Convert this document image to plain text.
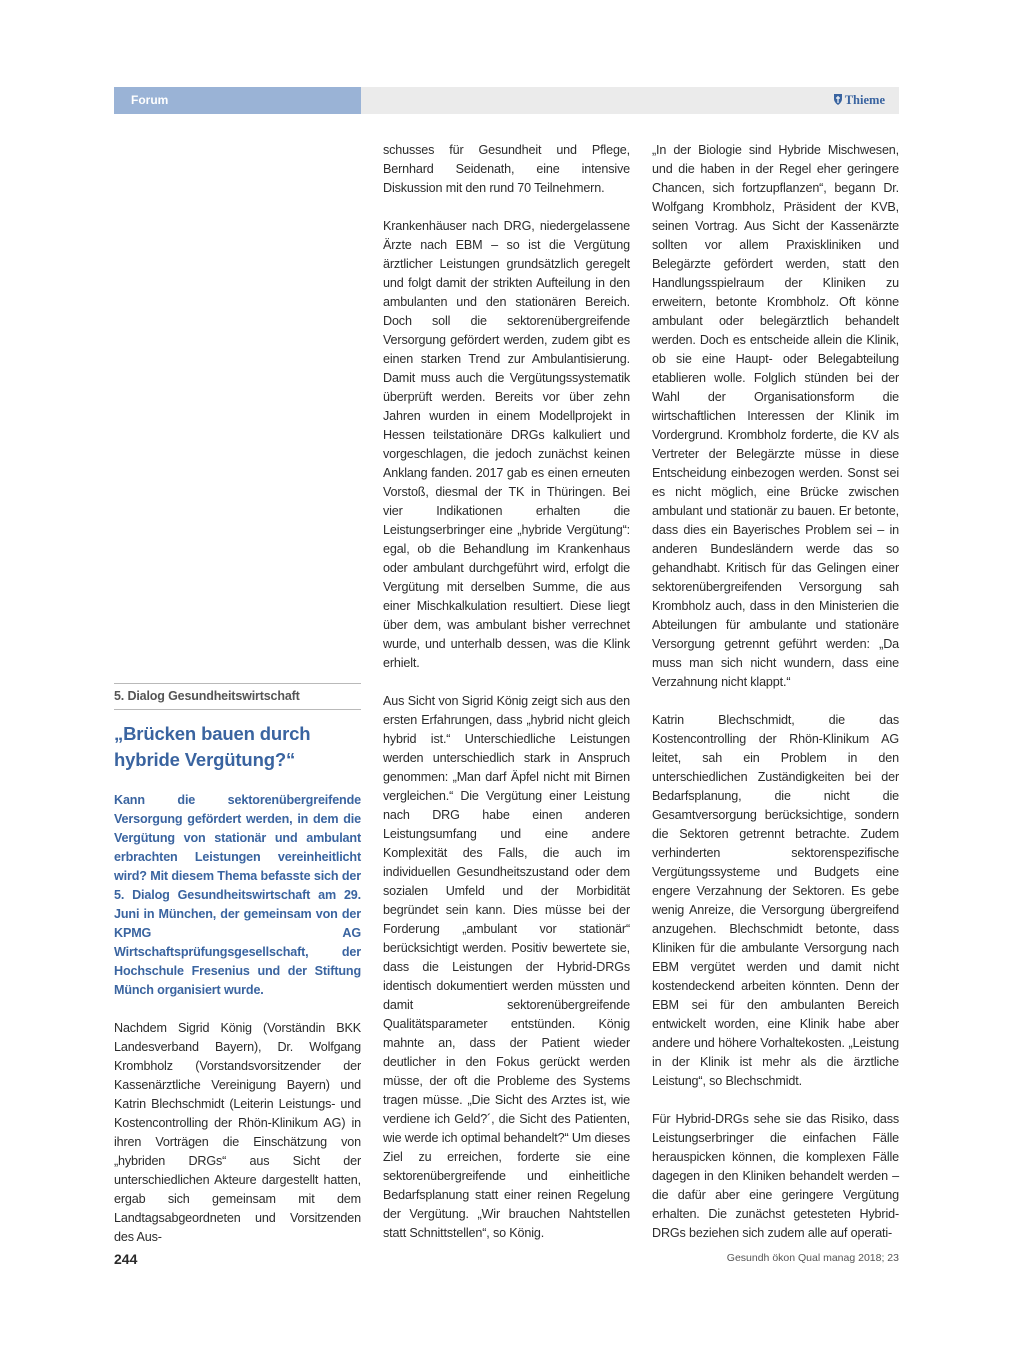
Forum	Thieme
5. Dialog Gesundheitswirtschaft
„Brücken bauen durch hybride Vergütung?“

Kann die sektorenübergreifende Versorgung gefördert werden, in dem die Vergütung von stationär und ambulant erbrachten Leistungen vereinheitlicht wird? Mit diesem Thema befasste sich der 5. Dialog Gesundheitswirtschaft am 29. Juni in München, der gemeinsam von der KPMG AG Wirtschaftsprüfungsgesellschaft, der Hochschule Fresenius und der Stiftung Münch organisiert wurde.

Nachdem Sigrid König (Vorständin BKK Landesverband Bayern), Dr. Wolfgang Krombholz (Vorstandsvorsitzender der Kassenärztliche Vereinigung Bayern) und Katrin Blechschmidt (Leiterin Leistungs- und Kostencontrolling der Rhön-Klinikum AG) in ihren Vorträgen die Einschätzung von „hybriden DRGs“ aus Sicht der unterschiedlichen Akteure dargestellt hatten, ergab sich gemeinsam mit dem Landtagsabgeordneten und Vorsitzenden des Aus-

schusses für Gesundheit und Pflege, Bernhard Seidenath, eine intensive Diskussion mit den rund 70 Teilnehmern.

Krankenhäuser nach DRG, niedergelassene Ärzte nach EBM – so ist die Vergütung ärztlicher Leistungen grundsätzlich geregelt und folgt damit der strikten Aufteilung in den ambulanten und den stationären Bereich. Doch soll die sektorenübergreifende Versorgung gefördert werden, zudem gibt es einen starken Trend zur Ambulantisierung. Damit muss auch die Vergütungssystematik überprüft werden. Bereits vor über zehn Jahren wurden in einem Modellprojekt in Hessen teilstationäre DRGs kalkuliert und vorgeschlagen, die jedoch zunächst keinen Anklang fanden. 2017 gab es einen erneuten Vorstoß, diesmal der TK in Thüringen. Bei vier Indikationen erhalten die Leistungserbringer eine „hybride Vergütung“: egal, ob die Behandlung im Krankenhaus oder ambulant durchgeführt wird, erfolgt die Vergütung mit derselben Summe, die aus einer Mischkalkulation resultiert. Diese liegt über dem, was ambulant bisher verrechnet wurde, und unterhalb dessen, was die Klink erhielt.

Aus Sicht von Sigrid König zeigt sich aus den ersten Erfahrungen, dass „hybrid nicht gleich hybrid ist.“ Unterschiedliche Leistungen werden unterschiedlich stark in Anspruch genommen: „Man darf Äpfel nicht mit Birnen vergleichen.“ Die Vergütung einer Leistung nach DRG habe einen anderen Leistungsumfang und eine andere Komplexität des Falls, die auch im individuellen Gesundheitszustand oder dem sozialen Umfeld und der Morbidität begründet sein kann. Dies müsse bei der Forderung „ambulant vor stationär“ berücksichtigt werden. Positiv bewertete sie, dass die Leistungen der Hybrid-DRGs identisch dokumentiert werden müssten und damit sektorenübergreifende Qualitätsparameter entstünden. König mahnte an, dass der Patient wieder deutlicher in den Fokus gerückt werden müsse, der oft die Probleme des Systems tragen müsse. „Die Sicht des Arztes ist, wie verdiene ich Geld?´, die Sicht des Patienten, wie werde ich optimal behandelt?“ Um dieses Ziel zu erreichen, forderte sie eine sektorenübergreifende und einheitliche Bedarfsplanung statt einer reinen Regelung der Vergütung. „Wir brauchen Nahtstellen statt Schnittstellen“, so König.

„In der Biologie sind Hybride Mischwesen, und die haben in der Regel eher geringere Chancen, sich fortzupflanzen“, begann Dr. Wolfgang Krombholz, Präsident der KVB, seinen Vortrag. Aus Sicht der Kassenärzte sollten vor allem Praxiskliniken und Belegärzte gefördert werden, statt den Handlungsspielraum der Kliniken zu erweitern, betonte Krombholz. Oft könne ambulant oder belegärztlich behandelt werden. Doch es entscheide allein die Klinik, ob sie eine Haupt- oder Belegabteilung etablieren wolle. Folglich stünden bei der Wahl der Organisationsform die wirtschaftlichen Interessen der Klinik im Vordergrund. Krombholz forderte, die KV als Vertreter der Belegärzte müsse in diese Entscheidung einbezogen werden. Sonst sei es nicht möglich, eine Brücke zwischen ambulant und stationär zu bauen. Er betonte, dass dies ein Bayerisches Problem sei – in anderen Bundesländern werde das so gehandhabt. Kritisch für das Gelingen einer sektorenübergreifenden Versorgung sah Krombholz auch, dass in den Ministerien die Abteilungen für ambulante und stationäre Versorgung getrennt geführt werden: „Da muss man sich nicht wundern, dass eine Verzahnung nicht klappt.“

Katrin Blechschmidt, die das Kostencontrolling der Rhön-Klinikum AG leitet, sah ein Problem in den unterschiedlichen Zuständigkeiten bei der Bedarfsplanung, die nicht die Gesamtversorgung berücksichtige, sondern die Sektoren getrennt betrachte. Zudem verhinderten sektorenspezifische Vergütungssysteme und Budgets eine engere Verzahnung der Sektoren. Es gebe wenig Anreize, die Versorgung übergreifend anzugehen. Blechschmidt betonte, dass Kliniken für die ambulante Versorgung nach EBM vergütet werden und damit nicht kostendeckend arbeiten könnten. Denn der EBM sei für den ambulanten Bereich entwickelt worden, eine Klinik habe aber andere und höhere Vorhaltekosten. „Leistung in der Klinik ist mehr als die ärztliche Leistung“, so Blechschmidt.

Für Hybrid-DRGs sehe sie das Risiko, dass Leistungserbringer die einfachen Fälle herauspicken können, die komplexen Fälle dagegen in den Kliniken behandelt werden – die dafür aber eine geringere Vergütung erhalten. Die zunächst getesteten Hybrid-DRGs beziehen sich zudem alle auf operati-

244	Gesundh ökon Qual manag 2018; 23
